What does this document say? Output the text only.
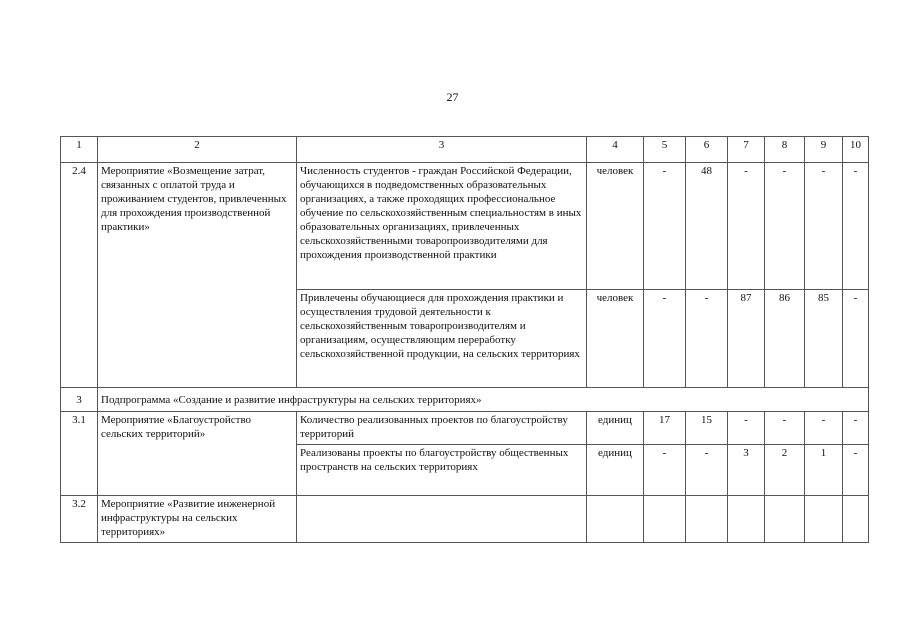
27
1	2	3	4	5	6	7	8	9	10
2.4	Мероприятие «Возмещение затрат, связанных с оплатой труда и проживанием студентов, привлеченных для прохождения производственной практики»	Численность студентов - граждан Российской Федерации, обучающихся в подведомственных образовательных организациях, а также проходящих профессиональное обучение по сельскохозяйственным специальностям в иных образовательных организациях, привлеченных сельскохозяйственными товаропроизводителями для прохождения производственной практики	человек	-	48	-	-	-	-
		Привлечены обучающиеся для прохождения практики и осуществления трудовой деятельности к сельскохозяйственным товаропроизводителям и организациям, осуществляющим переработку сельскохозяйственной продукции, на сельских территориях	человек	-	-	87	86	85	-
3	Подпрограмма «Создание и развитие инфраструктуры на сельских территориях»								
3.1	Мероприятие «Благоустройство сельских территорий»	Количество реализованных проектов по благоустройству территорий	единиц	17	15	-	-	-	-
		Реализованы проекты по благоустройству общественных пространств на сельских территориях	единиц	-	-	3	2	1	-
3.2	Мероприятие «Развитие инженерной инфраструктуры на сельских территориях»								
